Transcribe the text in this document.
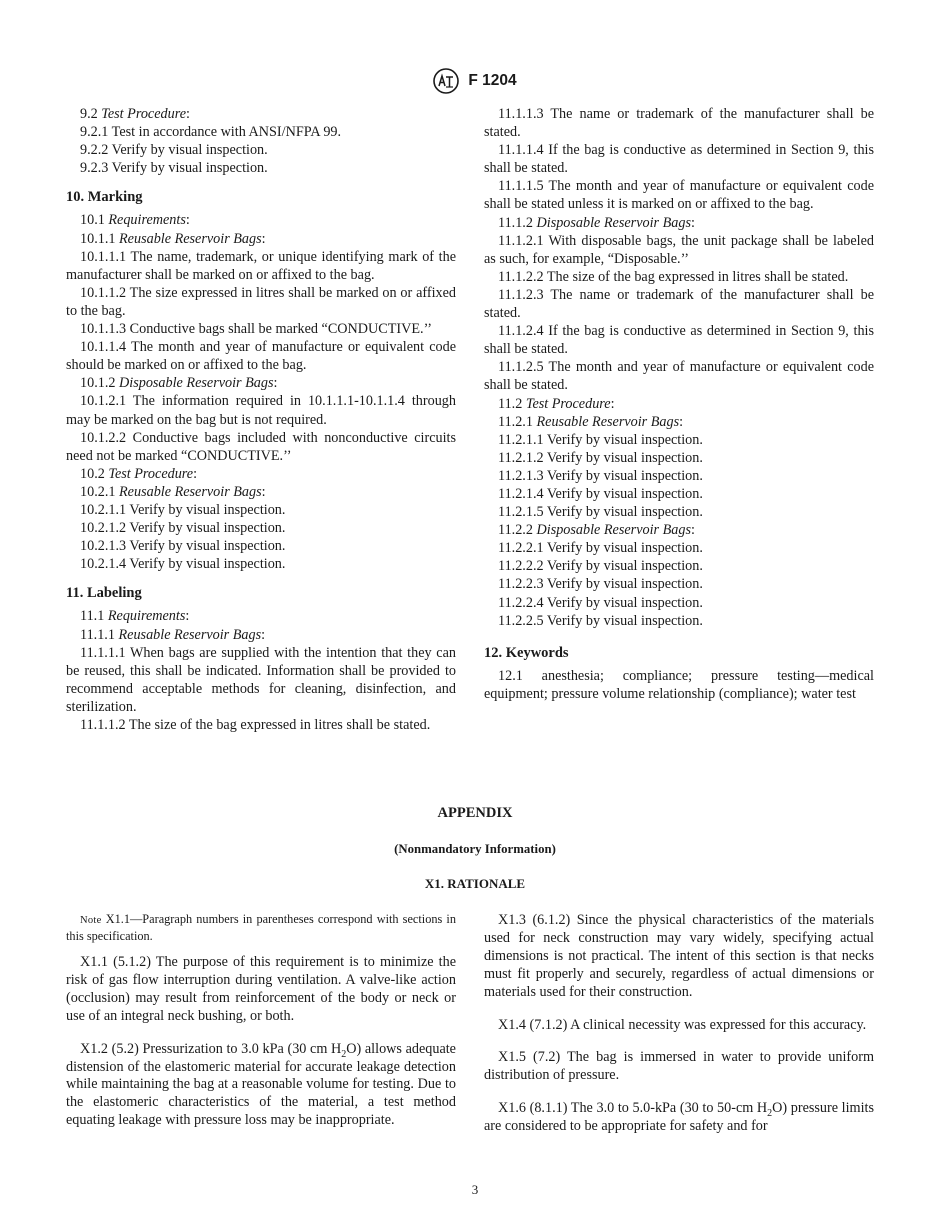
F 1204

9.2 Test Procedure:

9.2.1 Test in accordance with ANSI/NFPA 99.

9.2.2 Verify by visual inspection.

9.2.3 Verify by visual inspection.

10. Marking

10.1 Requirements:

10.1.1 Reusable Reservoir Bags:

10.1.1.1 The name, trademark, or unique identifying mark of the manufacturer shall be marked on or affixed to the bag.

10.1.1.2 The size expressed in litres shall be marked on or affixed to the bag.

10.1.1.3 Conductive bags shall be marked “CONDUCTIVE.’’

10.1.1.4 The month and year of manufacture or equivalent code should be marked on or affixed to the bag.

10.1.2 Disposable Reservoir Bags:

10.1.2.1 The information required in 10.1.1.1-10.1.1.4 through may be marked on the bag but is not required.

10.1.2.2 Conductive bags included with nonconductive circuits need not be marked “CONDUCTIVE.’’

10.2 Test Procedure:

10.2.1 Reusable Reservoir Bags:

10.2.1.1 Verify by visual inspection.

10.2.1.2 Verify by visual inspection.

10.2.1.3 Verify by visual inspection.

10.2.1.4 Verify by visual inspection.

11. Labeling

11.1 Requirements:

11.1.1 Reusable Reservoir Bags:

11.1.1.1 When bags are supplied with the intention that they can be reused, this shall be indicated. Information shall be provided to recommend acceptable methods for cleaning, disinfection, and sterilization.

11.1.1.2 The size of the bag expressed in litres shall be stated.

11.1.1.3 The name or trademark of the manufacturer shall be stated.

11.1.1.4 If the bag is conductive as determined in Section 9, this shall be stated.

11.1.1.5 The month and year of manufacture or equivalent code shall be stated unless it is marked on or affixed to the bag.

11.1.2 Disposable Reservoir Bags:

11.1.2.1 With disposable bags, the unit package shall be labeled as such, for example, “Disposable.’’

11.1.2.2 The size of the bag expressed in litres shall be stated.

11.1.2.3 The name or trademark of the manufacturer shall be stated.

11.1.2.4 If the bag is conductive as determined in Section 9, this shall be stated.

11.1.2.5 The month and year of manufacture or equivalent code shall be stated.

11.2 Test Procedure:

11.2.1 Reusable Reservoir Bags:

11.2.1.1 Verify by visual inspection.

11.2.1.2 Verify by visual inspection.

11.2.1.3 Verify by visual inspection.

11.2.1.4 Verify by visual inspection.

11.2.1.5 Verify by visual inspection.

11.2.2 Disposable Reservoir Bags:

11.2.2.1 Verify by visual inspection.

11.2.2.2 Verify by visual inspection.

11.2.2.3 Verify by visual inspection.

11.2.2.4 Verify by visual inspection.

11.2.2.5 Verify by visual inspection.

12. Keywords

12.1 anesthesia; compliance; pressure testing—medical equipment; pressure volume relationship (compliance); water test

APPENDIX
(Nonmandatory Information)
X1. RATIONALE

Note X1.1—Paragraph numbers in parentheses correspond with sections in this specification.

X1.1 (5.1.2) The purpose of this requirement is to minimize the risk of gas flow interruption during ventilation. A valve-like action (occlusion) may result from reinforcement of the body or neck or use of an integral neck bushing, or both.

X1.2 (5.2) Pressurization to 3.0 kPa (30 cm $H_2O$) allows adequate distension of the elastomeric material for accurate leakage detection while maintaining the bag at a reasonable volume for testing. Due to the elastomeric characteristics of the material, a test method equating leakage with pressure loss may be inappropriate.

X1.3 (6.1.2) Since the physical characteristics of the materials used for neck construction may vary widely, specifying actual dimensions is not practical. The intent of this section is that necks must fit properly and securely, regardless of actual dimensions or materials used for their construction.

X1.4 (7.1.2) A clinical necessity was expressed for this accuracy.

X1.5 (7.2) The bag is immersed in water to provide uniform distribution of pressure.

X1.6 (8.1.1) The 3.0 to 5.0-kPa (30 to 50-cm $H_2O$) pressure limits are considered to be appropriate for safety and for

3
